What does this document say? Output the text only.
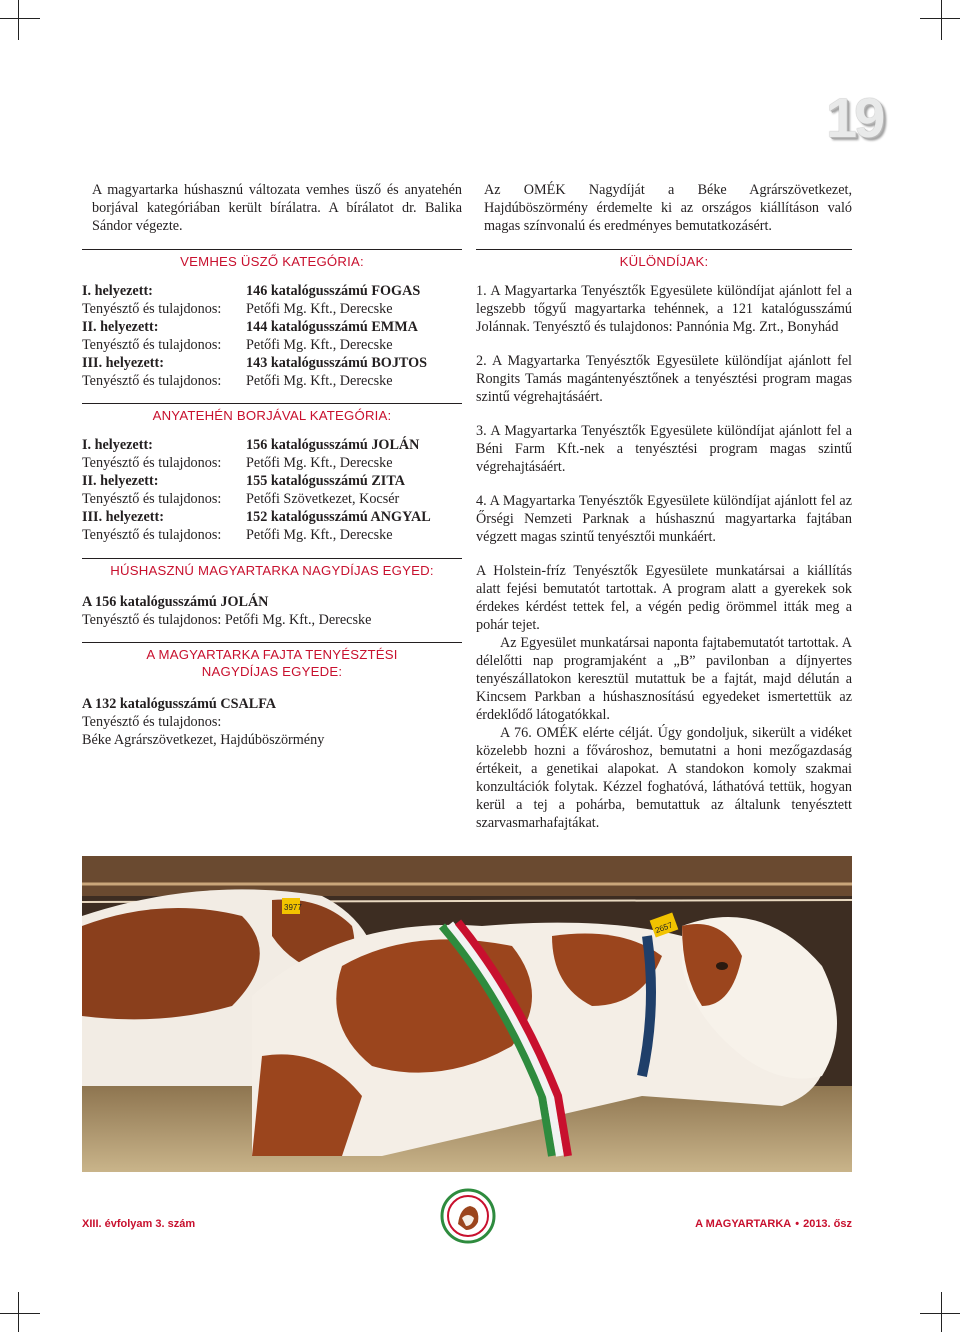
19

A magyartarka húshasznú változata vemhes üsző és anyatehén borjával kategóriában került bírálatra. A bírálatot dr. Balika Sándor végezte.

VEMHES ÜSZŐ KATEGÓRIA:
I. helyezett:	146 katalógusszámú FOGAS
Tenyésztő és tulajdonos:	Petőfi Mg. Kft., Derecske
II. helyezett:	144 katalógusszámú EMMA
Tenyésztő és tulajdonos:	Petőfi Mg. Kft., Derecske
III. helyezett:	143 katalógusszámú BOJTOS
Tenyésztő és tulajdonos:	Petőfi Mg. Kft., Derecske
ANYATEHÉN BORJÁVAL KATEGÓRIA:
I. helyezett:	156 katalógusszámú JOLÁN
Tenyésztő és tulajdonos:	Petőfi Mg. Kft., Derecske
II. helyezett:	155 katalógusszámú ZITA
Tenyésztő és tulajdonos:	Petőfi Szövetkezet, Kocsér
III. helyezett:	152 katalógusszámú ANGYAL
Tenyésztő és tulajdonos:	Petőfi Mg. Kft., Derecske
HÚSHASZNÚ MAGYARTARKA NAGYDÍJAS EGYED:

A 156 katalógusszámú JOLÁN

Tenyésztő és tulajdonos: Petőfi Mg. Kft., Derecske

A MAGYARTARKA FAJTA TENYÉSZTÉSI
NAGYDÍJAS EGYEDE:

A 132 katalógusszámú CSALFA

Tenyésztő és tulajdonos:

Béke Agrárszövetkezet, Hajdúböszörmény

Az OMÉK Nagydíját a Béke Agrárszövetkezet, Hajdúböszörmény érdemelte ki az országos kiállításon való magas színvonalú és eredményes bemutatkozásért.

KÜLÖNDÍJAK:

1. A Magyartarka Tenyésztők Egyesülete különdíjat ajánlott fel a legszebb tőgyű magyartarka tehénnek, a 121 katalógusszámú Jolánnak. Tenyésztő és tulajdonos: Pannónia Mg. Zrt., Bonyhád

2. A Magyartarka Tenyésztők Egyesülete különdíjat ajánlott fel Rongits Tamás magántenyésztőnek a tenyésztési program magas szintű végrehajtásáért.

3. A Magyartarka Tenyésztők Egyesülete különdíjat ajánlott fel a Béni Farm Kft.-nek a tenyésztési program magas szintű végrehajtásáért.

4. A Magyartarka Tenyésztők Egyesülete különdíjat ajánlott fel az Őrségi Nemzeti Parknak a húshasznú magyartarka fajtában végzett magas szintű tenyésztői munkáért.

A Holstein-fríz Tenyésztők Egyesülete munkatársai a kiállítás alatt fejési bemutatót tartottak. A program alatt a gyerekek sok érdekes kérdést tettek fel, a végén pedig örömmel itták meg a pohár tejet.

Az Egyesület munkatársai naponta fajtabemutatót tartottak. A délelőtti nap programjaként a „B” pavilonban a díjnyertes tenyészállatokon keresztül mutattuk be a fajtát, majd délután a Kincsem Parkban a húshasznosítású egyedeket ismertettük az érdeklődő látogatókkal.

A 76. OMÉK elérte célját. Úgy gondoljuk, sikerült a vidéket közelebb hozni a fővároshoz, bemutatni a honi mezőgazdaság értékeit, a genetikai alapokat. A standokon komoly szakmai konzultációk folytak. Kézzel foghatóvá, láthatóvá tettük, hogyan kerül a tej a pohárba, bemutattuk az általunk tenyésztett szarvasmarhafajtákat.

3977
2657
XIII. évfolyam 3. szám	A MAGYARTARKA • 2013. ősz
